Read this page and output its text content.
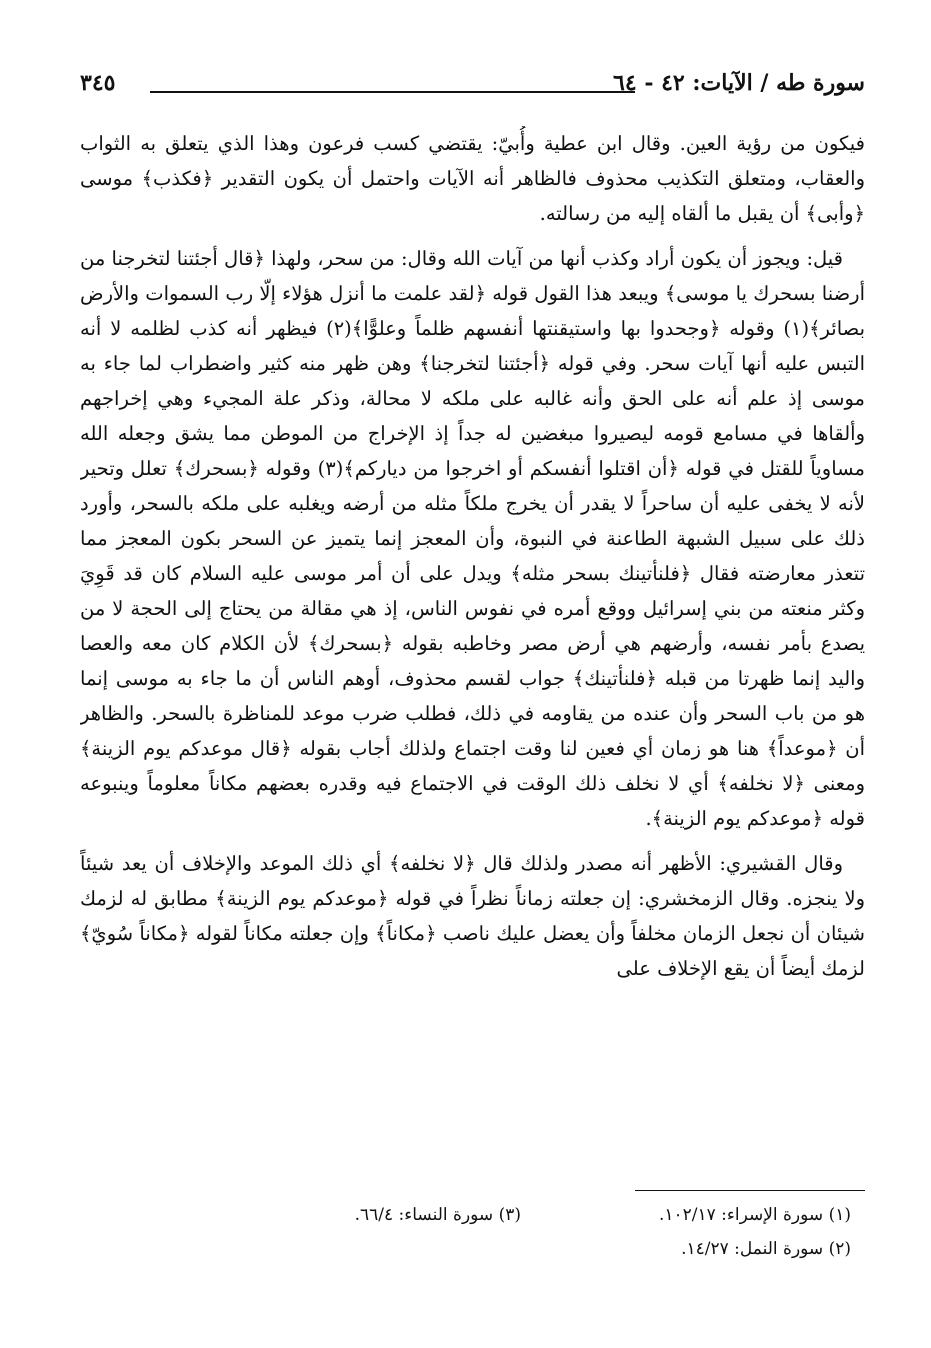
سورة طه / الآيات: ٤٢ - ٦٤
٣٤٥

فيكون من رؤية العين. وقال ابن عطية وأُبيّ: يقتضي كسب فرعون وهذا الذي يتعلق به الثواب والعقاب، ومتعلق التكذيب محذوف فالظاهر أنه الآيات واحتمل أن يكون التقدير ﴿فكذب﴾ موسى ﴿وأبى﴾ أن يقبل ما ألقاه إليه من رسالته.

قيل: ويجوز أن يكون أراد وكذب أنها من آيات الله وقال: من سحر، ولهذا ﴿قال أجئتنا لتخرجنا من أرضنا بسحرك يا موسى﴾ ويبعد هذا القول قوله ﴿لقد علمت ما أنزل هؤلاء إلّا رب السموات والأرض بصائر﴾(١) وقوله ﴿وجحدوا بها واستيقنتها أنفسهم ظلماً وعلوًّا﴾(٢) فيظهر أنه كذب لظلمه لا أنه التبس عليه أنها آيات سحر. وفي قوله ﴿أجئتنا لتخرجنا﴾ وهن ظهر منه كثير واضطراب لما جاء به موسى إذ علم أنه على الحق وأنه غالبه على ملكه لا محالة، وذكر علة المجيء وهي إخراجهم وألقاها في مسامع قومه ليصيروا مبغضين له جداً إذ الإخراج من الموطن مما يشق وجعله الله مساوياً للقتل في قوله ﴿أن اقتلوا أنفسكم أو اخرجوا من دياركم﴾(٣) وقوله ﴿بسحرك﴾ تعلل وتحير لأنه لا يخفى عليه أن ساحراً لا يقدر أن يخرج ملكاً مثله من أرضه ويغلبه على ملكه بالسحر، وأورد ذلك على سبيل الشبهة الطاعنة في النبوة، وأن المعجز إنما يتميز عن السحر بكون المعجز مما تتعذر معارضته فقال ﴿فلنأتينك بسحر مثله﴾ ويدل على أن أمر موسى عليه السلام كان قد قَوِيَ وكثر منعته من بني إسرائيل ووقع أمره في نفوس الناس، إذ هي مقالة من يحتاج إلى الحجة لا من يصدع بأمر نفسه، وأرضهم هي أرض مصر وخاطبه بقوله ﴿بسحرك﴾ لأن الكلام كان معه والعصا واليد إنما ظهرتا من قبله ﴿فلنأتينك﴾ جواب لقسم محذوف، أوهم الناس أن ما جاء به موسى إنما هو من باب السحر وأن عنده من يقاومه في ذلك، فطلب ضرب موعد للمناظرة بالسحر. والظاهر أن ﴿موعداً﴾ هنا هو زمان أي فعين لنا وقت اجتماع ولذلك أجاب بقوله ﴿قال موعدكم يوم الزينة﴾ ومعنى ﴿لا نخلفه﴾ أي لا نخلف ذلك الوقت في الاجتماع فيه وقدره بعضهم مكاناً معلوماً وينبوعه قوله ﴿موعدكم يوم الزينة﴾.

وقال القشيري: الأظهر أنه مصدر ولذلك قال ﴿لا نخلفه﴾ أي ذلك الموعد والإخلاف أن يعد شيئاً ولا ينجزه. وقال الزمخشري: إن جعلته زماناً نظراً في قوله ﴿موعدكم يوم الزينة﴾ مطابق له لزمك شيئان أن نجعل الزمان مخلفاً وأن يعضل عليك ناصب ﴿مكاناً﴾ وإن جعلته مكاناً لقوله ﴿مكاناً سُويّ﴾ لزمك أيضاً أن يقع الإخلاف على

(١) سورة الإسراء: ١٠٢/١٧.
(٣) سورة النساء: ٦٦/٤.
(٢) سورة النمل: ١٤/٢٧.
